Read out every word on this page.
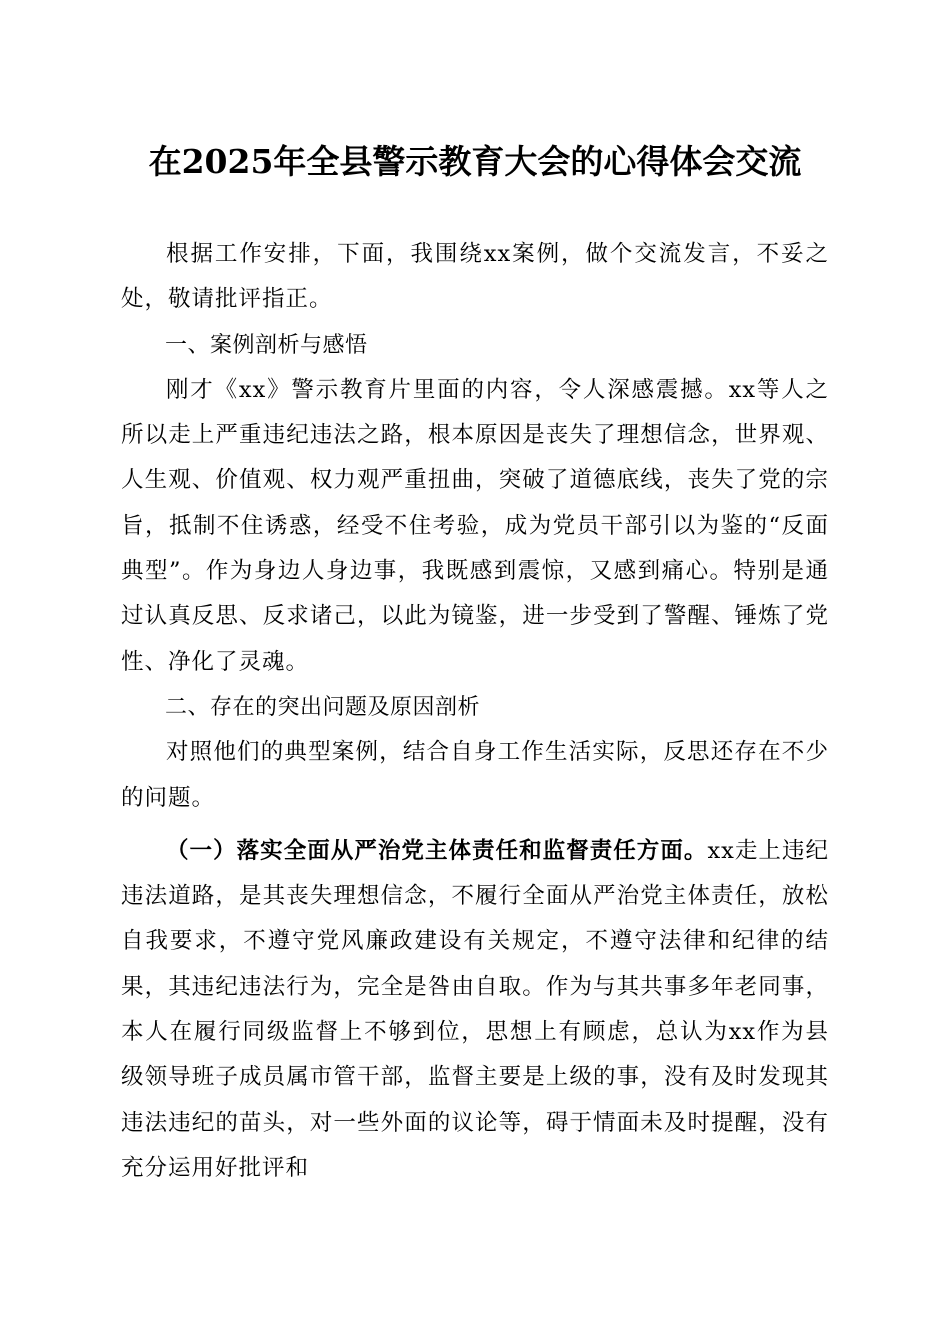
在2025年全县警示教育大会的心得体会交流

根据工作安排，下面，我围绕xx案例，做个交流发言，不妥之处，敬请批评指正。

一、案例剖析与感悟

刚才《xx》警示教育片里面的内容，令人深感震撼。xx等人之所以走上严重违纪违法之路，根本原因是丧失了理想信念，世界观、人生观、价值观、权力观严重扭曲，突破了道德底线，丧失了党的宗旨，抵制不住诱惑，经受不住考验，成为党员干部引以为鉴的“反面典型”。作为身边人身边事，我既感到震惊，又感到痛心。特别是通过认真反思、反求诸己，以此为镜鉴，进一步受到了警醒、锤炼了党性、净化了灵魂。

二、存在的突出问题及原因剖析

对照他们的典型案例，结合自身工作生活实际，反思还存在不少的问题。

（一）落实全面从严治党主体责任和监督责任方面。xx走上违纪违法道路，是其丧失理想信念，不履行全面从严治党主体责任，放松自我要求，不遵守党风廉政建设有关规定，不遵守法律和纪律的结果，其违纪违法行为，完全是咎由自取。作为与其共事多年老同事，本人在履行同级监督上不够到位，思想上有顾虑，总认为xx作为县级领导班子成员属市管干部，监督主要是上级的事，没有及时发现其违法违纪的苗头，对一些外面的议论等，碍于情面未及时提醒，没有充分运用好批评和
